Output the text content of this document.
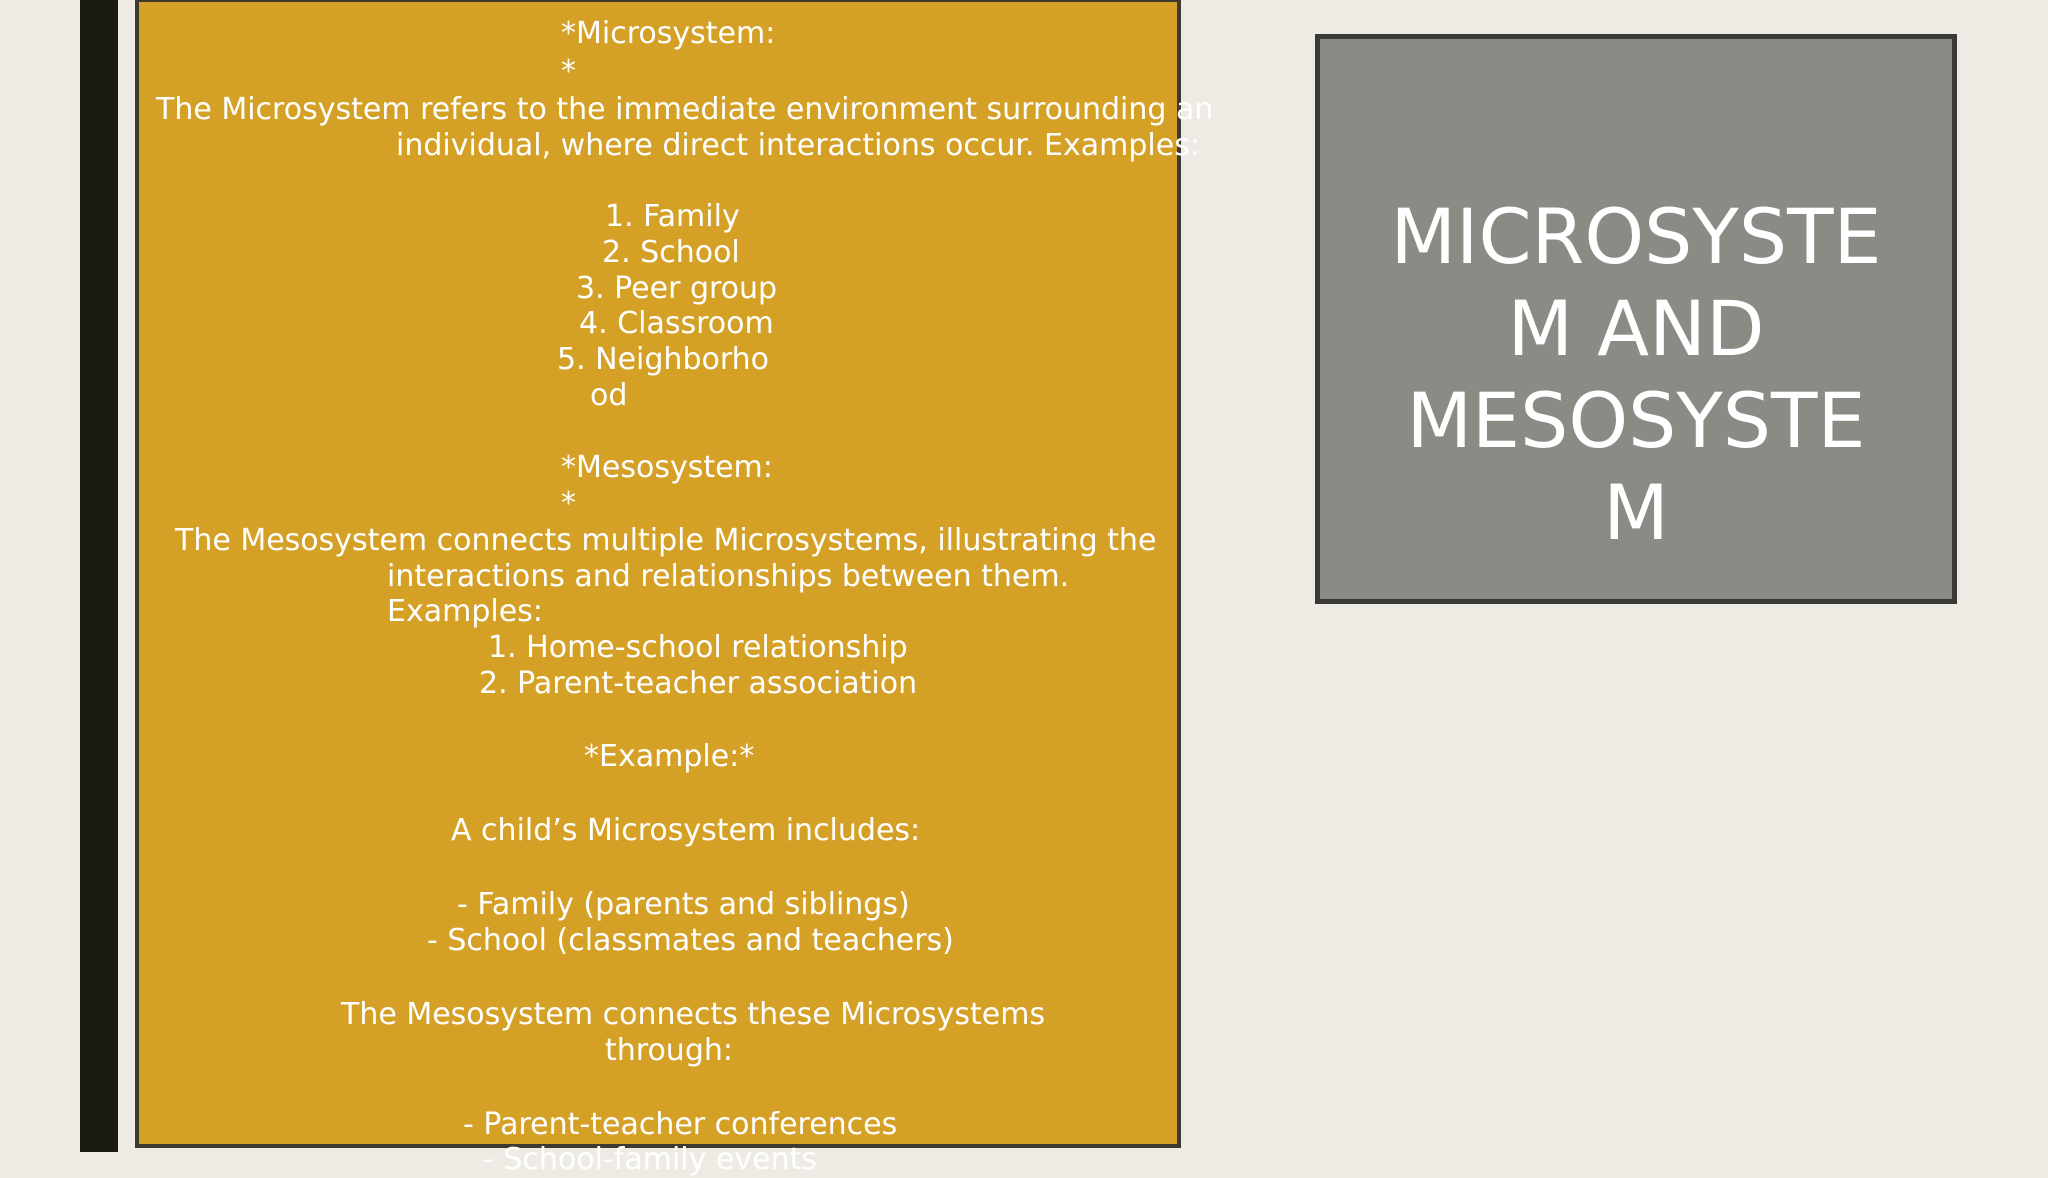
*Microsystem:
*
The Microsystem refers to the immediate environment surrounding an
individual, where direct interactions occur. Examples:
1. Family
2. School
3. Peer group
4. Classroom
5. Neighborho
od
*Mesosystem:
*
The Mesosystem connects multiple Microsystems, illustrating the
interactions and relationships between them.
Examples:
1. Home-school relationship
2. Parent-teacher association
*Example:*
A child’s Microsystem includes:
- Family (parents and siblings)
- School (classmates and teachers)
The Mesosystem connects these Microsystems
through:
- Parent-teacher conferences
- School-family events
MICROSYSTE
M AND
MESOSYSTE
M
